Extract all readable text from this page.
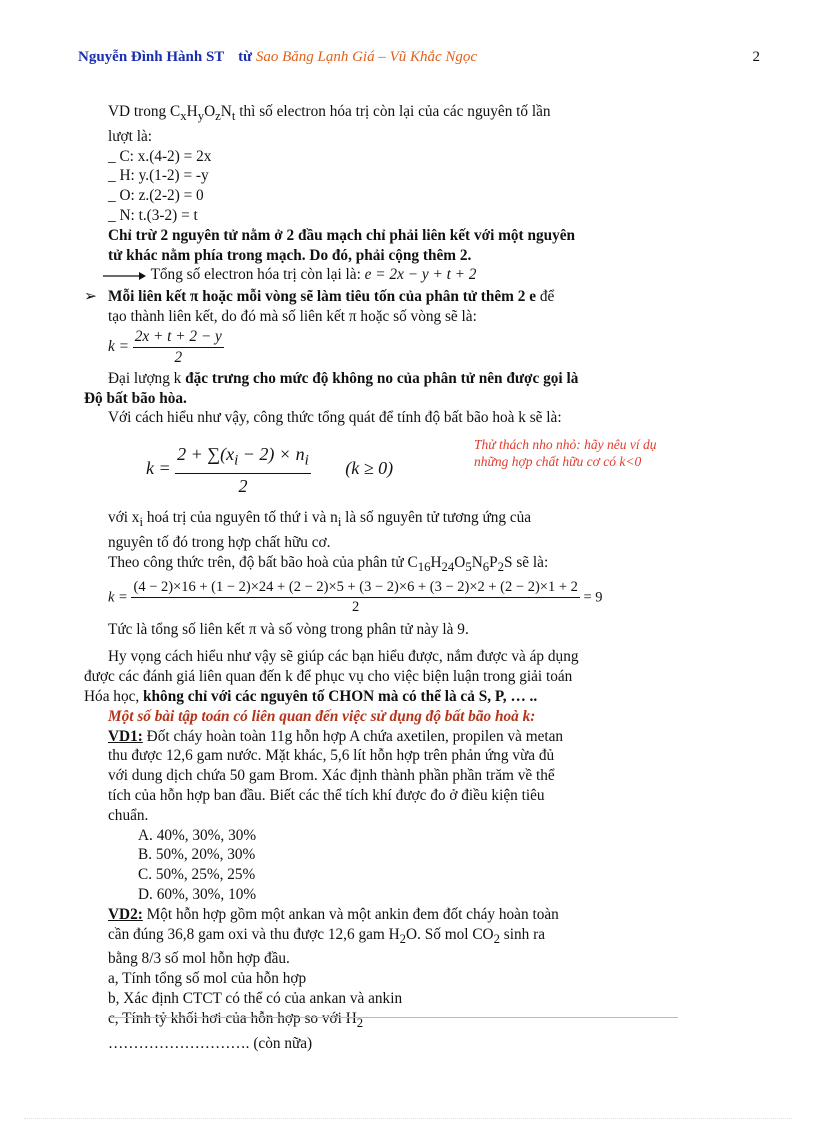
Nguyễn Đình Hành ST từ Sao Băng Lạnh Giá – Vũ Khắc Ngọc	2
VD trong $C_xH_yO_zN_t$ thì số electron hóa trị còn lại của các nguyên tố lần
lượt là:
_ C: x.(4-2) = 2x
_ H: y.(1-2) = -y
_ O: z.(2-2) = 0
_ N: t.(3-2) = t
Chỉ trừ 2 nguyên tử nằm ở 2 đầu mạch chỉ phải liên kết với một nguyên
tử khác nằm phía trong mạch. Do đó, phải cộng thêm 2.
Tổng số electron hóa trị còn lại là: e = 2x − y + t + 2
➢ Mỗi liên kết π hoặc mỗi vòng sẽ làm tiêu tốn của phân tử thêm 2 e để
tạo thành liên kết, do đó mà số liên kết π hoặc số vòng sẽ là:
$k = \frac{2x + t + 2 - y}{2}$
Đại lượng k đặc trưng cho mức độ không no của phân tử nên được gọi là
Độ bất bão hòa.
Với cách hiểu như vậy, công thức tổng quát để tính độ bất bão hoà k sẽ là:
$k = \frac{2 + \sum(x_i - 2) \times n_i}{2} (k \ge 0)$
Thử thách nho nhỏ: hãy nêu ví dụ
những hợp chất hữu cơ có k<0
với $x_i$ hoá trị của nguyên tố thứ i và $n_i$ là số nguyên tử tương ứng của
nguyên tố đó trong hợp chất hữu cơ.
Theo công thức trên, độ bất bão hoà của phân tử $C_{16}H_{24}O_5N_6P_2S$ sẽ là:
k =
(4 − 2)×16 + (1 − 2)×24 + (2 − 2)×5 + (3 − 2)×6 + (3 − 2)×2 + (2 − 2)×1 + 2
2
= 9
Tức là tổng số liên kết π và số vòng trong phân tử này là 9.
Hy vọng cách hiểu như vậy sẽ giúp các bạn hiểu được, nắm được và áp dụng
được các đánh giá liên quan đến k để phục vụ cho việc biện luận trong giải toán
Hóa học, không chỉ với các nguyên tố CHON mà có thể là cả S, P, … ..
Một số bài tập toán có liên quan đến việc sử dụng độ bất bão hoà k:
VD1: Đốt cháy hoàn toàn 11g hỗn hợp A chứa axetilen, propilen và metan
thu được 12,6 gam nước. Mặt khác, 5,6 lít hỗn hợp trên phản ứng vừa đủ
với dung dịch chứa 50 gam Brom. Xác định thành phần phần trăm về thể
tích của hỗn hợp ban đầu. Biết các thể tích khí được đo ở điều kiện tiêu
chuẩn.
A. 40%, 30%, 30%
B. 50%, 20%, 30%
C. 50%, 25%, 25%
D. 60%, 30%, 10%
VD2: Một hỗn hợp gồm một ankan và một ankin đem đốt cháy hoàn toàn
cần đúng 36,8 gam oxi và thu được 12,6 gam $H_2O$. Số mol $CO_2$ sinh ra
bằng 8/3 số mol hỗn hợp đầu.
a, Tính tổng số mol của hỗn hợp
b, Xác định CTCT có thể có của ankan và ankin
c, Tính tỷ khối hơi của hỗn hợp so với $H_2$
………………………. (còn nữa)
